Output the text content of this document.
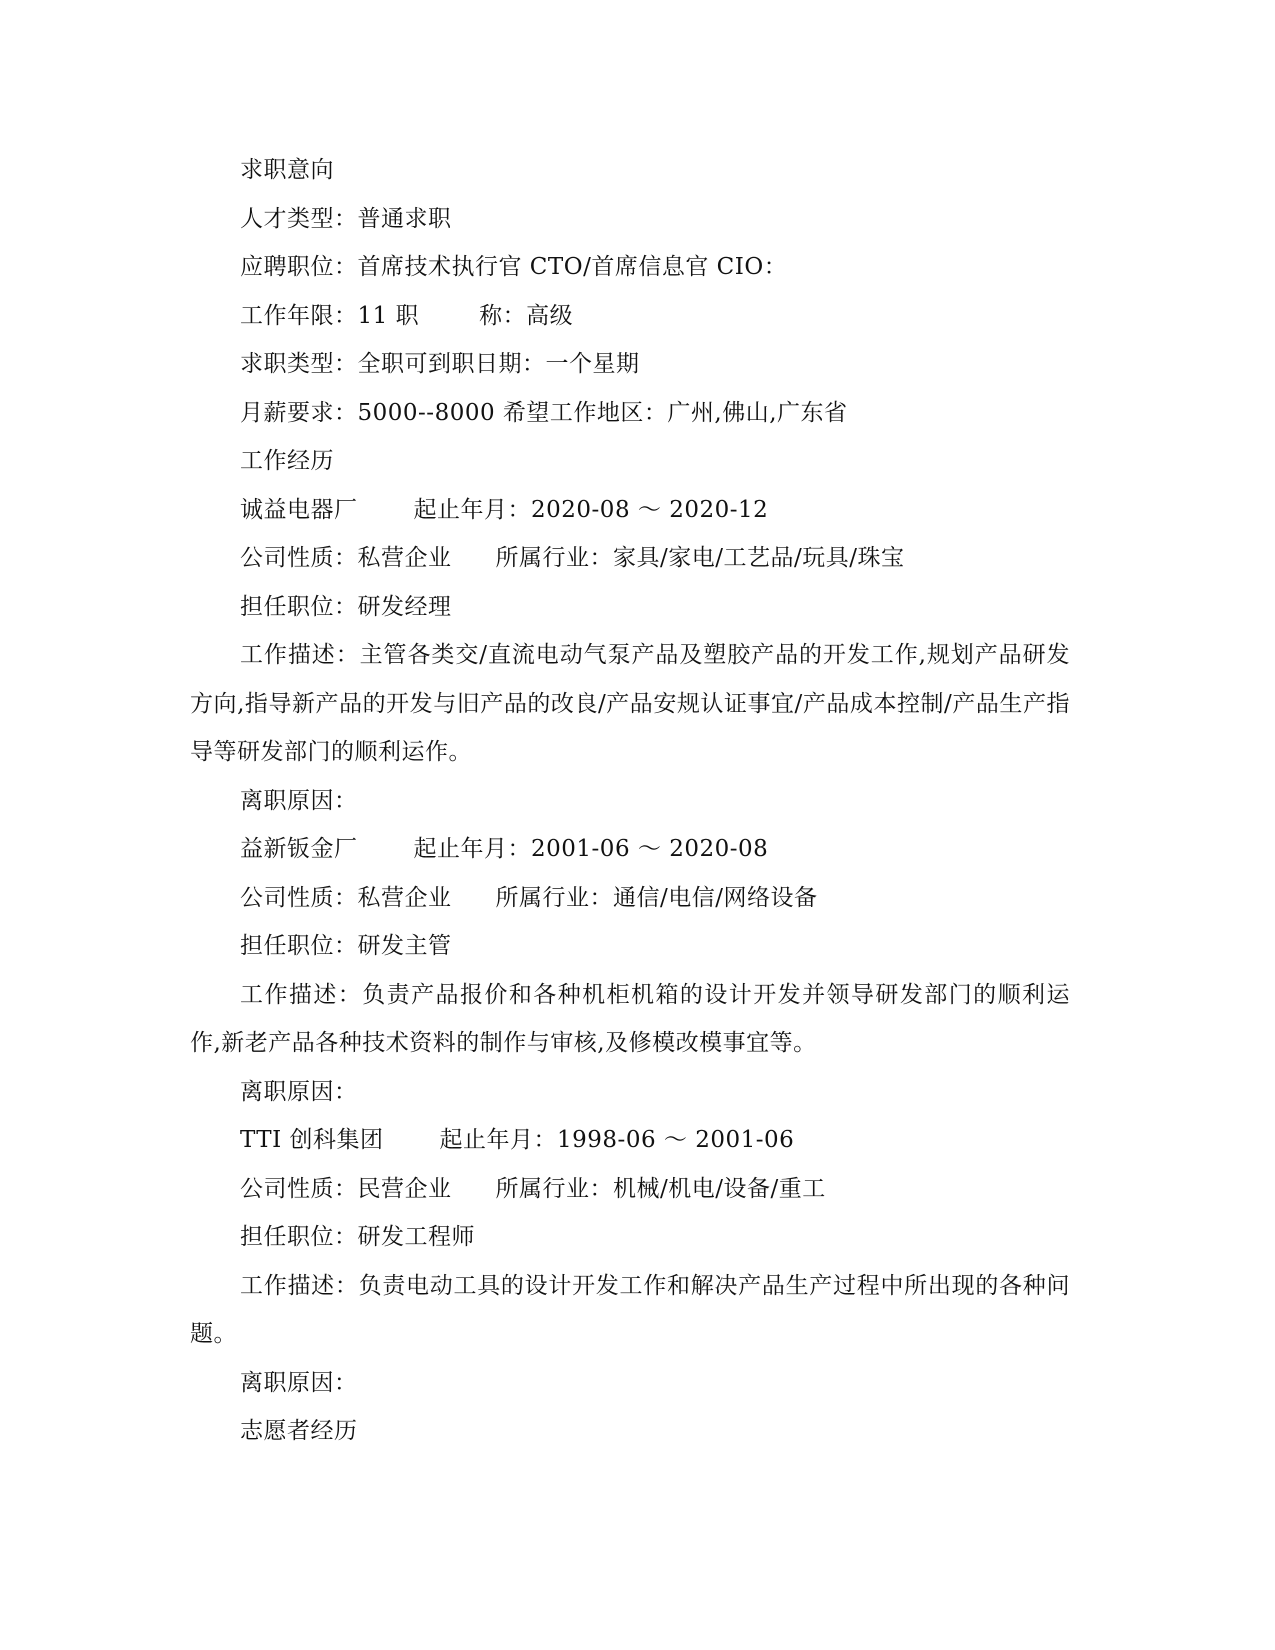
求职意向
人才类型：普通求职
应聘职位：首席技术执行官 CTO/首席信息官 CIO：
工作年限：11 职	称：高级
求职类型：全职可到职日期：一个星期
月薪要求：5000--8000 希望工作地区：广州,佛山,广东省
工作经历
诚益电器厂 起止年月：2020-08 ～ 2020-12
公司性质：私营企业 所属行业：家具/家电/工艺品/玩具/珠宝
担任职位：研发经理
工作描述：主管各类交/直流电动气泵产品及塑胶产品的开发工作,规划产品研发方向,指导新产品的开发与旧产品的改良/产品安规认证事宜/产品成本控制/产品生产指导等研发部门的顺利运作。
离职原因：
益新钣金厂 起止年月：2001-06 ～ 2020-08
公司性质：私营企业 所属行业：通信/电信/网络设备
担任职位：研发主管
工作描述：负责产品报价和各种机柜机箱的设计开发并领导研发部门的顺利运作,新老产品各种技术资料的制作与审核,及修模改模事宜等。
离职原因：
TTI 创科集团 起止年月：1998-06 ～ 2001-06
公司性质：民营企业 所属行业：机械/机电/设备/重工
担任职位：研发工程师
工作描述：负责电动工具的设计开发工作和解决产品生产过程中所出现的各种问题。
离职原因：
志愿者经历
